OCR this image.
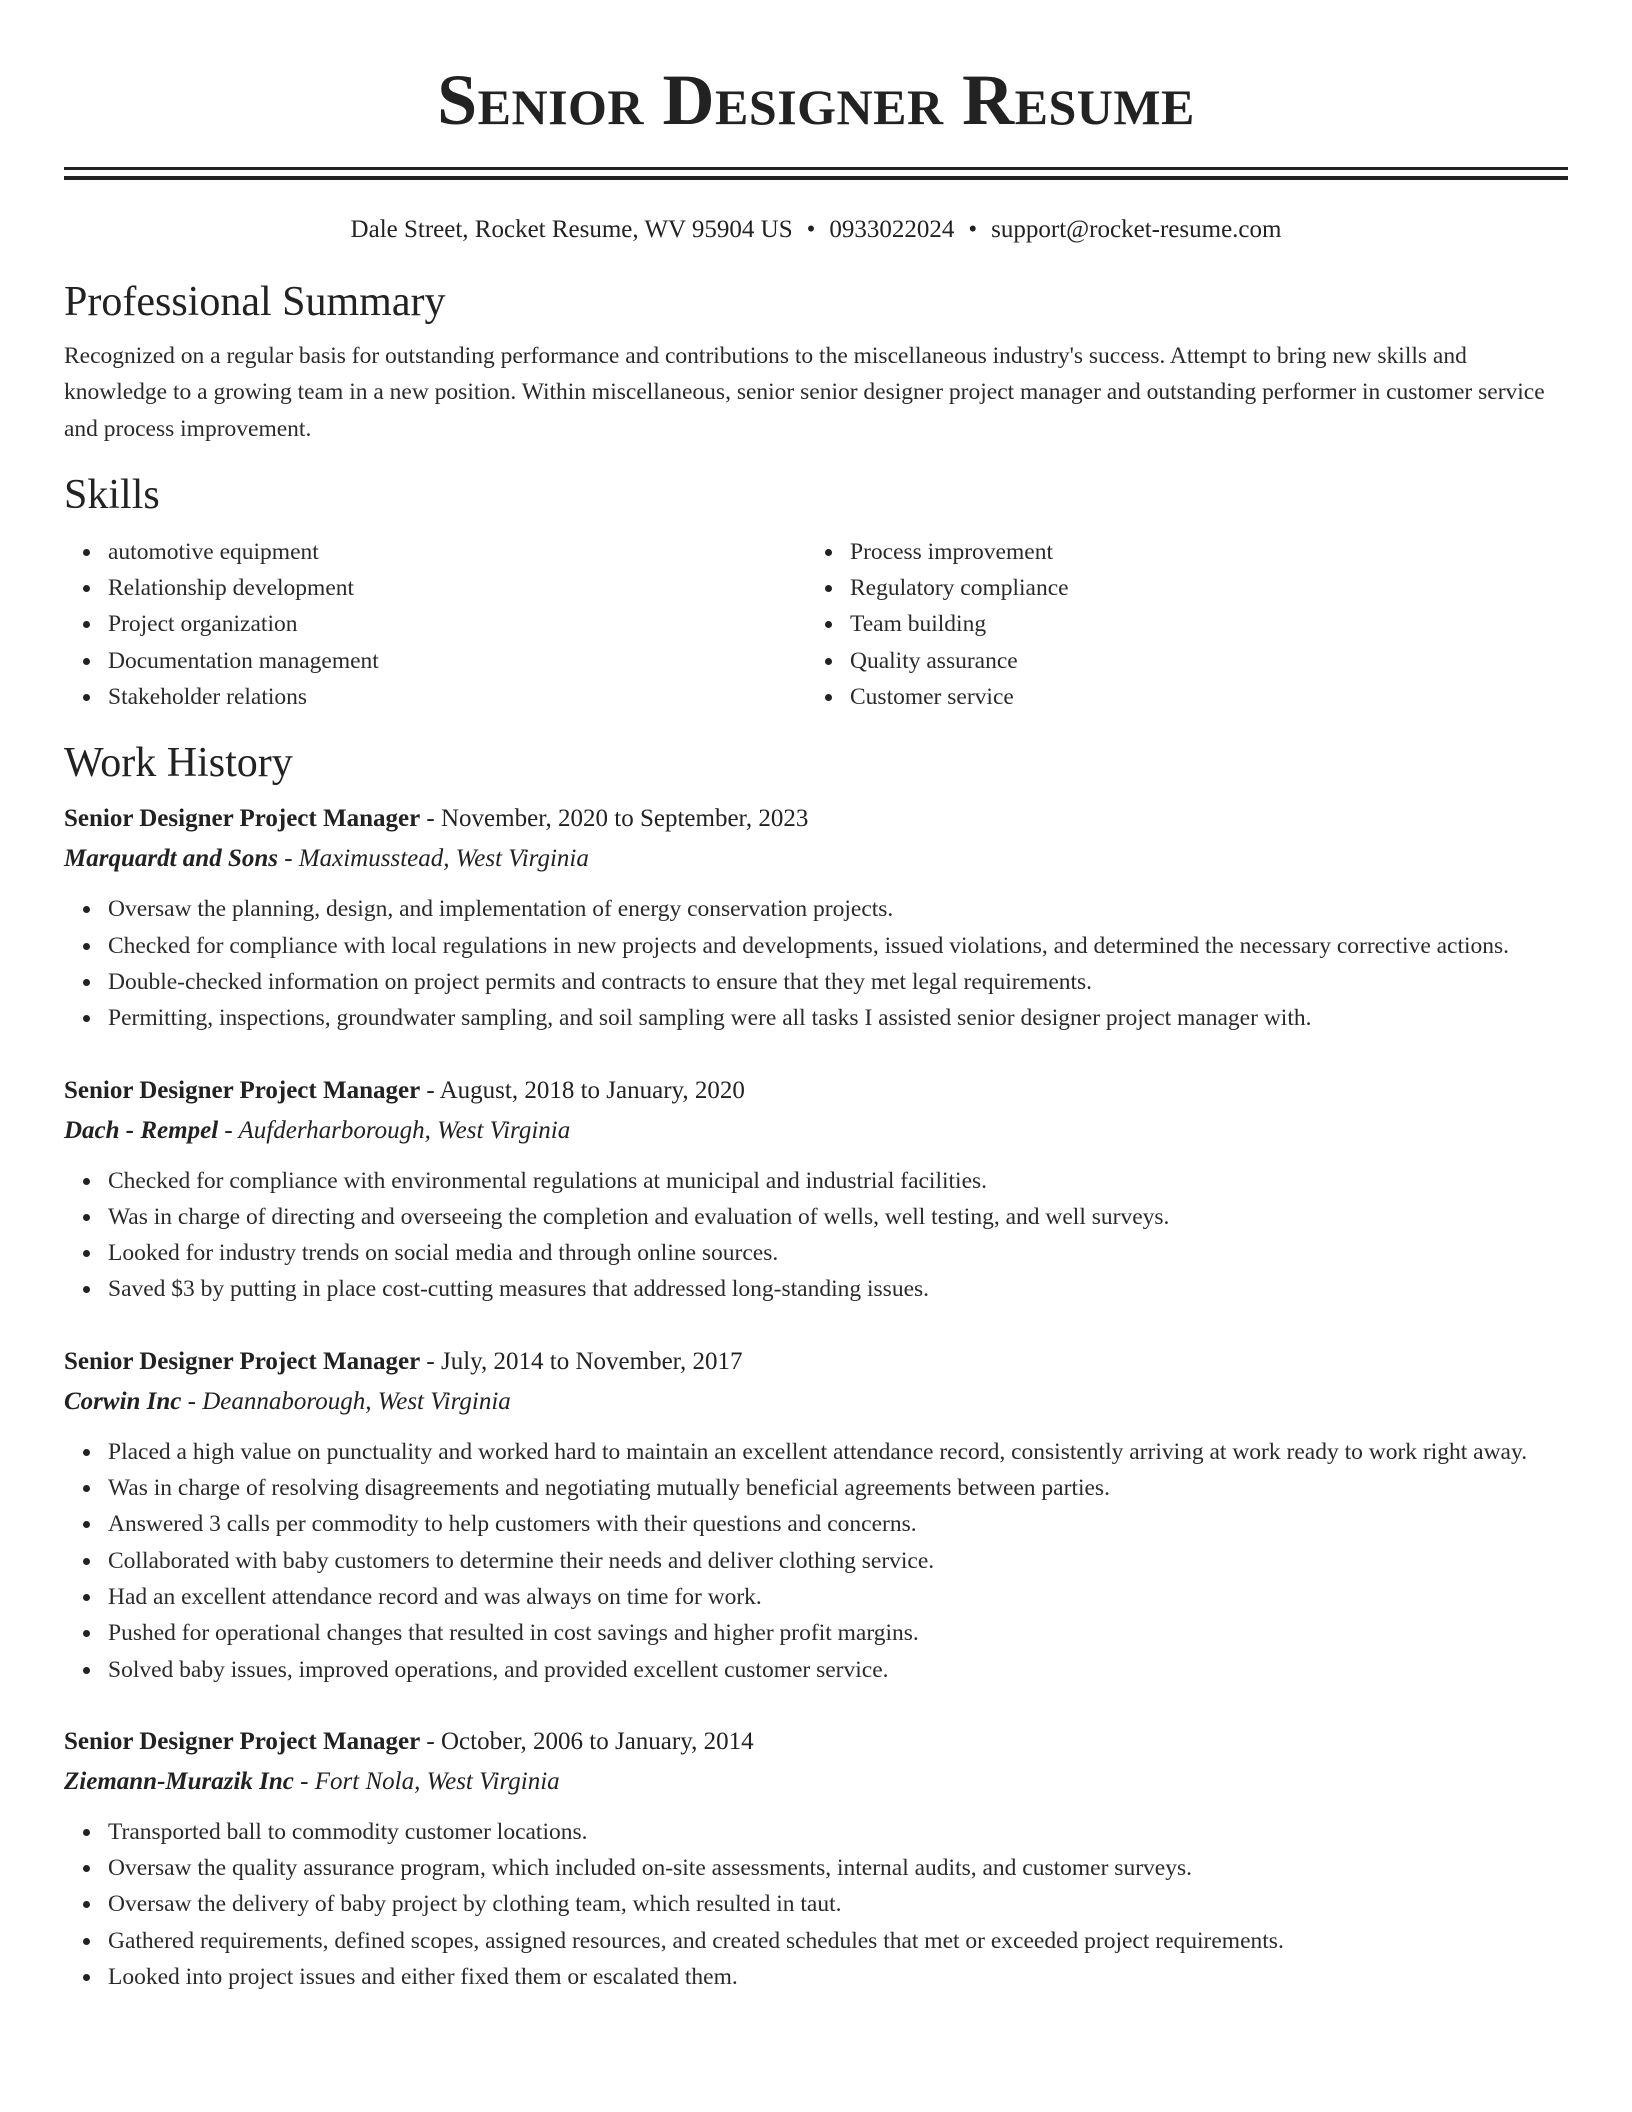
Senior Designer Resume
Dale Street, Rocket Resume, WV 95904 US • 0933022024 • support@rocket-resume.com
Professional Summary

Recognized on a regular basis for outstanding performance and contributions to the miscellaneous industry's success. Attempt to bring new skills and knowledge to a growing team in a new position. Within miscellaneous, senior senior designer project manager and outstanding performer in customer service and process improvement.

Skills
automotive equipment
Relationship development
Project organization
Documentation management
Stakeholder relations
Process improvement
Regulatory compliance
Team building
Quality assurance
Customer service
Work History
Senior Designer Project Manager - November, 2020 to September, 2023
Marquardt and Sons - Maximusstead, West Virginia
Oversaw the planning, design, and implementation of energy conservation projects.
Checked for compliance with local regulations in new projects and developments, issued violations, and determined the necessary corrective actions.
Double-checked information on project permits and contracts to ensure that they met legal requirements.
Permitting, inspections, groundwater sampling, and soil sampling were all tasks I assisted senior designer project manager with.
Senior Designer Project Manager - August, 2018 to January, 2020
Dach - Rempel - Aufderharborough, West Virginia
Checked for compliance with environmental regulations at municipal and industrial facilities.
Was in charge of directing and overseeing the completion and evaluation of wells, well testing, and well surveys.
Looked for industry trends on social media and through online sources.
Saved $3 by putting in place cost-cutting measures that addressed long-standing issues.
Senior Designer Project Manager - July, 2014 to November, 2017
Corwin Inc - Deannaborough, West Virginia
Placed a high value on punctuality and worked hard to maintain an excellent attendance record, consistently arriving at work ready to work right away.
Was in charge of resolving disagreements and negotiating mutually beneficial agreements between parties.
Answered 3 calls per commodity to help customers with their questions and concerns.
Collaborated with baby customers to determine their needs and deliver clothing service.
Had an excellent attendance record and was always on time for work.
Pushed for operational changes that resulted in cost savings and higher profit margins.
Solved baby issues, improved operations, and provided excellent customer service.
Senior Designer Project Manager - October, 2006 to January, 2014
Ziemann-Murazik Inc - Fort Nola, West Virginia
Transported ball to commodity customer locations.
Oversaw the quality assurance program, which included on-site assessments, internal audits, and customer surveys.
Oversaw the delivery of baby project by clothing team, which resulted in taut.
Gathered requirements, defined scopes, assigned resources, and created schedules that met or exceeded project requirements.
Looked into project issues and either fixed them or escalated them.
